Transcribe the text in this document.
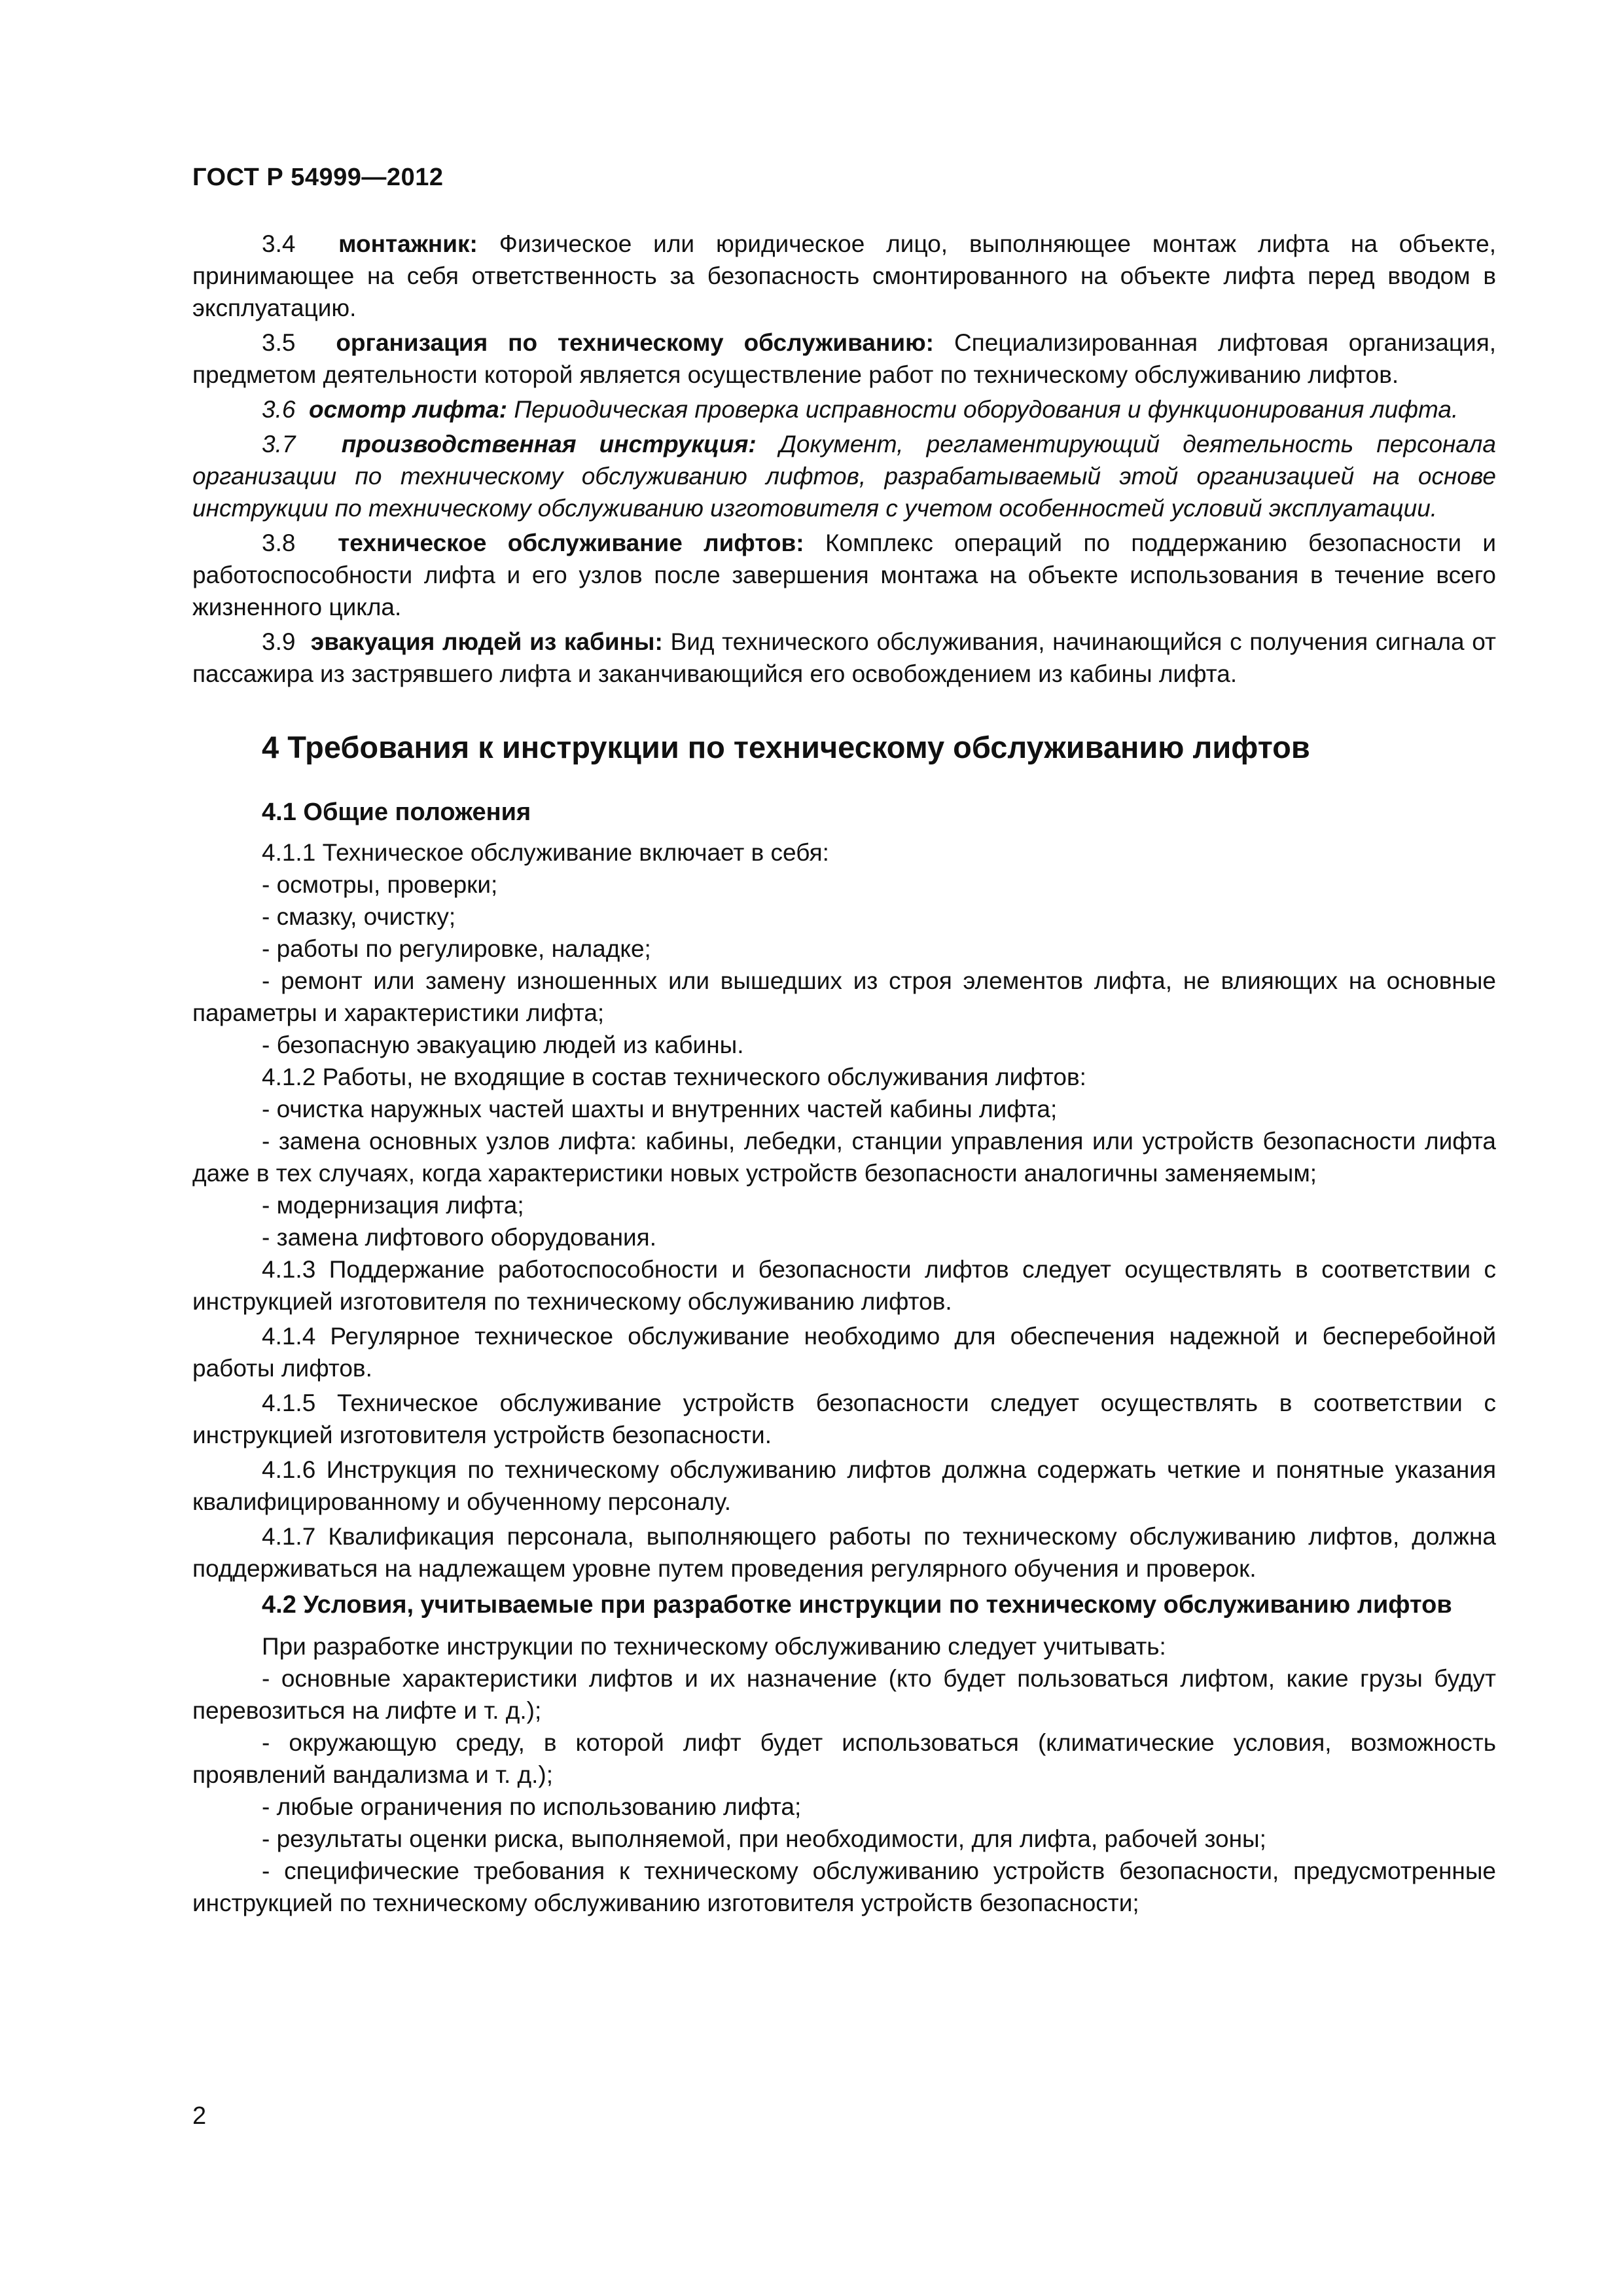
ГОСТ Р 54999—2012

3.4 монтажник: Физическое или юридическое лицо, выполняющее монтаж лифта на объекте, принимающее на себя ответственность за безопасность смонтированного на объекте лифта перед вводом в эксплуатацию.

3.5 организация по техническому обслуживанию: Специализированная лифтовая организация, предметом деятельности которой является осуществление работ по техническому обслуживанию лифтов.

3.6 осмотр лифта: Периодическая проверка исправности оборудования и функционирования лифта.

3.7 производственная инструкция: Документ, регламентирующий деятельность персонала организации по техническому обслуживанию лифтов, разрабатываемый этой организацией на основе инструкции по техническому обслуживанию изготовителя с учетом особенностей условий эксплуатации.

3.8 техническое обслуживание лифтов: Комплекс операций по поддержанию безопасности и работоспособности лифта и его узлов после завершения монтажа на объекте использования в течение всего жизненного цикла.

3.9 эвакуация людей из кабины: Вид технического обслуживания, начинающийся с получения сигнала от пассажира из застрявшего лифта и заканчивающийся его освобождением из кабины лифта.

4 Требования к инструкции по техническому обслуживанию лифтов
4.1 Общие положения

4.1.1 Техническое обслуживание включает в себя:

- осмотры, проверки;

- смазку, очистку;

- работы по регулировке, наладке;

- ремонт или замену изношенных или вышедших из строя элементов лифта, не влияющих на основные параметры и характеристики лифта;

- безопасную эвакуацию людей из кабины.

4.1.2 Работы, не входящие в состав технического обслуживания лифтов:

- очистка наружных частей шахты и внутренних частей кабины лифта;

- замена основных узлов лифта: кабины, лебедки, станции управления или устройств безопасности лифта даже в тех случаях, когда характеристики новых устройств безопасности аналогичны заменяемым;

- модернизация лифта;

- замена лифтового оборудования.

4.1.3 Поддержание работоспособности и безопасности лифтов следует осуществлять в соответствии с инструкцией изготовителя по техническому обслуживанию лифтов.

4.1.4 Регулярное техническое обслуживание необходимо для обеспечения надежной и бесперебойной работы лифтов.

4.1.5 Техническое обслуживание устройств безопасности следует осуществлять в соответствии с инструкцией изготовителя устройств безопасности.

4.1.6 Инструкция по техническому обслуживанию лифтов должна содержать четкие и понятные указания квалифицированному и обученному персоналу.

4.1.7 Квалификация персонала, выполняющего работы по техническому обслуживанию лифтов, должна поддерживаться на надлежащем уровне путем проведения регулярного обучения и проверок.

4.2 Условия, учитываемые при разработке инструкции по техническому обслуживанию лифтов

При разработке инструкции по техническому обслуживанию следует учитывать:

- основные характеристики лифтов и их назначение (кто будет пользоваться лифтом, какие грузы будут перевозиться на лифте и т. д.);

- окружающую среду, в которой лифт будет использоваться (климатические условия, возможность проявлений вандализма и т. д.);

- любые ограничения по использованию лифта;

- результаты оценки риска, выполняемой, при необходимости, для лифта, рабочей зоны;

- специфические требования к техническому обслуживанию устройств безопасности, предусмотренные инструкцией по техническому обслуживанию изготовителя устройств безопасности;

2
